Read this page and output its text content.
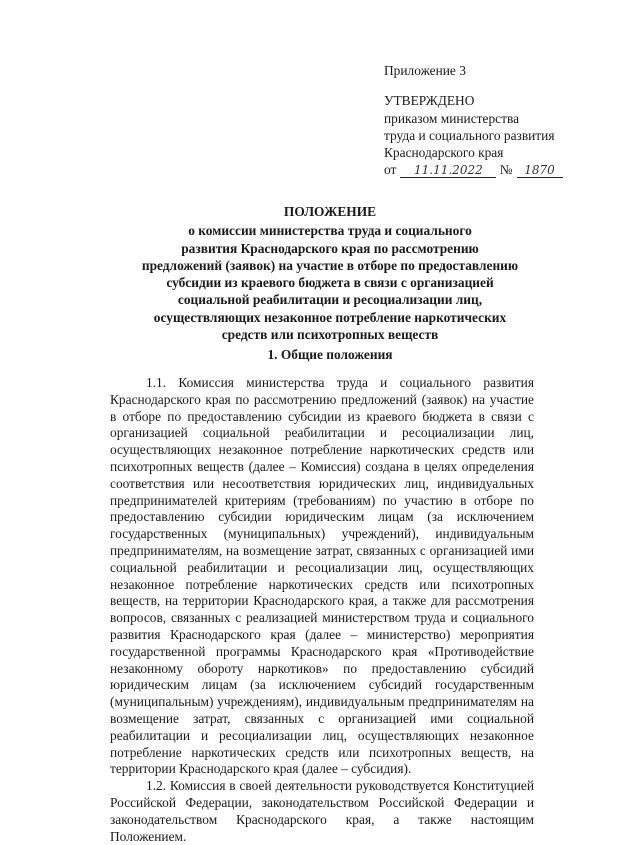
Приложение 3
УТВЕРЖДЕНО
приказом министерства
труда и социального развития
Краснодарского края
от 11.11.2022 № 1870
ПОЛОЖЕНИЕ
о комиссии министерства труда и социального
развития Краснодарского края по рассмотрению
предложений (заявок) на участие в отборе по предоставлению
субсидии из краевого бюджета в связи с организацией
социальной реабилитации и ресоциализации лиц,
осуществляющих незаконное потребление наркотических
средств или психотропных веществ
1. Общие положения

1.1. Комиссия министерства труда и социального развития Краснодарского края по рассмотрению предложений (заявок) на участие в отборе по предоставлению субсидии из краевого бюджета в связи с организацией социальной реабилитации и ресоциализации лиц, осуществляющих незаконное потребление наркотических средств или психотропных веществ (далее – Комиссия) создана в целях определения соответствия или несоответствия юридических лиц, индивидуальных предпринимателей критериям (требованиям) по участию в отборе по предоставлению субсидии юридическим лицам (за исключением государственных (муниципальных) учреждений), индивидуальным предпринимателям, на возмещение затрат, связанных с организацией ими социальной реабилитации и ресоциализации лиц, осуществляющих незаконное потребление наркотических средств или психотропных веществ, на территории Краснодарского края, а также для рассмотрения вопросов, связанных с реализацией министерством труда и социального развития Краснодарского края (далее – министерство) мероприятия государственной программы Краснодарского края «Противодействие незаконному обороту наркотиков» по предоставлению субсидий юридическим лицам (за исключением субсидий государственным (муниципальным) учреждениям), индивидуальным предпринимателям на возмещение затрат, связанных с организацией ими социальной реабилитации и ресоциализации лиц, осуществляющих незаконное потребление наркотических средств или психотропных веществ, на территории Краснодарского края (далее – субсидия).

1.2. Комиссия в своей деятельности руководствуется Конституцией Российской Федерации, законодательством Российской Федерации и законодательством Краснодарского края, а также настоящим Положением.
